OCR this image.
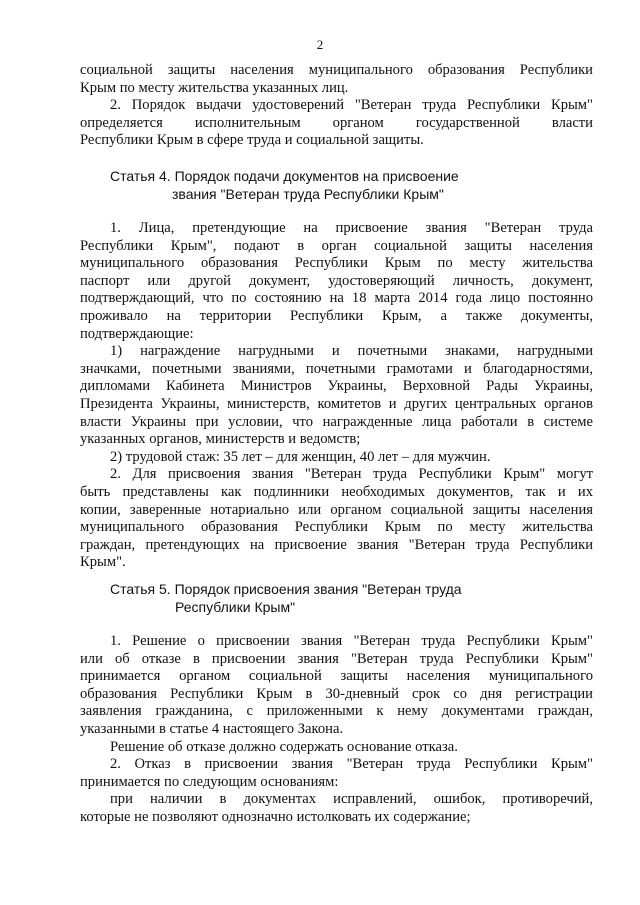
2

социальной защиты населения муниципального образования Республики

Крым по месту жительства указанных лиц.

2. Порядок выдачи удостоверений "Ветеран труда Республики Крым"

определяется исполнительным органом государственной власти

Республики Крым в сфере труда и социальной защиты.

Статья 4. Порядок подачи документов на присвоение
звания "Ветеран труда Республики Крым"

1. Лица, претендующие на присвоение звания "Ветеран труда

Республики Крым", подают в орган социальной защиты населения

муниципального образования Республики Крым по месту жительства

паспорт или другой документ, удостоверяющий личность, документ,

подтверждающий, что по состоянию на 18 марта 2014 года лицо постоянно

проживало на территории Республики Крым, а также документы,

подтверждающие:

1) награждение нагрудными и почетными знаками, нагрудными

значками, почетными званиями, почетными грамотами и благодарностями,

дипломами Кабинета Министров Украины, Верховной Рады Украины,

Президента Украины, министерств, комитетов и других центральных органов

власти Украины при условии, что награжденные лица работали в системе

указанных органов, министерств и ведомств;

2) трудовой стаж: 35 лет – для женщин, 40 лет – для мужчин.

2. Для присвоения звания "Ветеран труда Республики Крым" могут

быть представлены как подлинники необходимых документов, так и их

копии, заверенные нотариально или органом социальной защиты населения

муниципального образования Республики Крым по месту жительства

граждан, претендующих на присвоение звания "Ветеран труда Республики

Крым".

Статья 5. Порядок присвоения звания "Ветеран труда
Республики Крым"

1. Решение о присвоении звания "Ветеран труда Республики Крым"

или об отказе в присвоении звания "Ветеран труда Республики Крым"

принимается органом социальной защиты населения муниципального

образования Республики Крым в 30-дневный срок со дня регистрации

заявления гражданина, с приложенными к нему документами граждан,

указанными в статье 4 настоящего Закона.

Решение об отказе должно содержать основание отказа.

2. Отказ в присвоении звания "Ветеран труда Республики Крым"

принимается по следующим основаниям:

при наличии в документах исправлений, ошибок, противоречий,

которые не позволяют однозначно истолковать их содержание;
